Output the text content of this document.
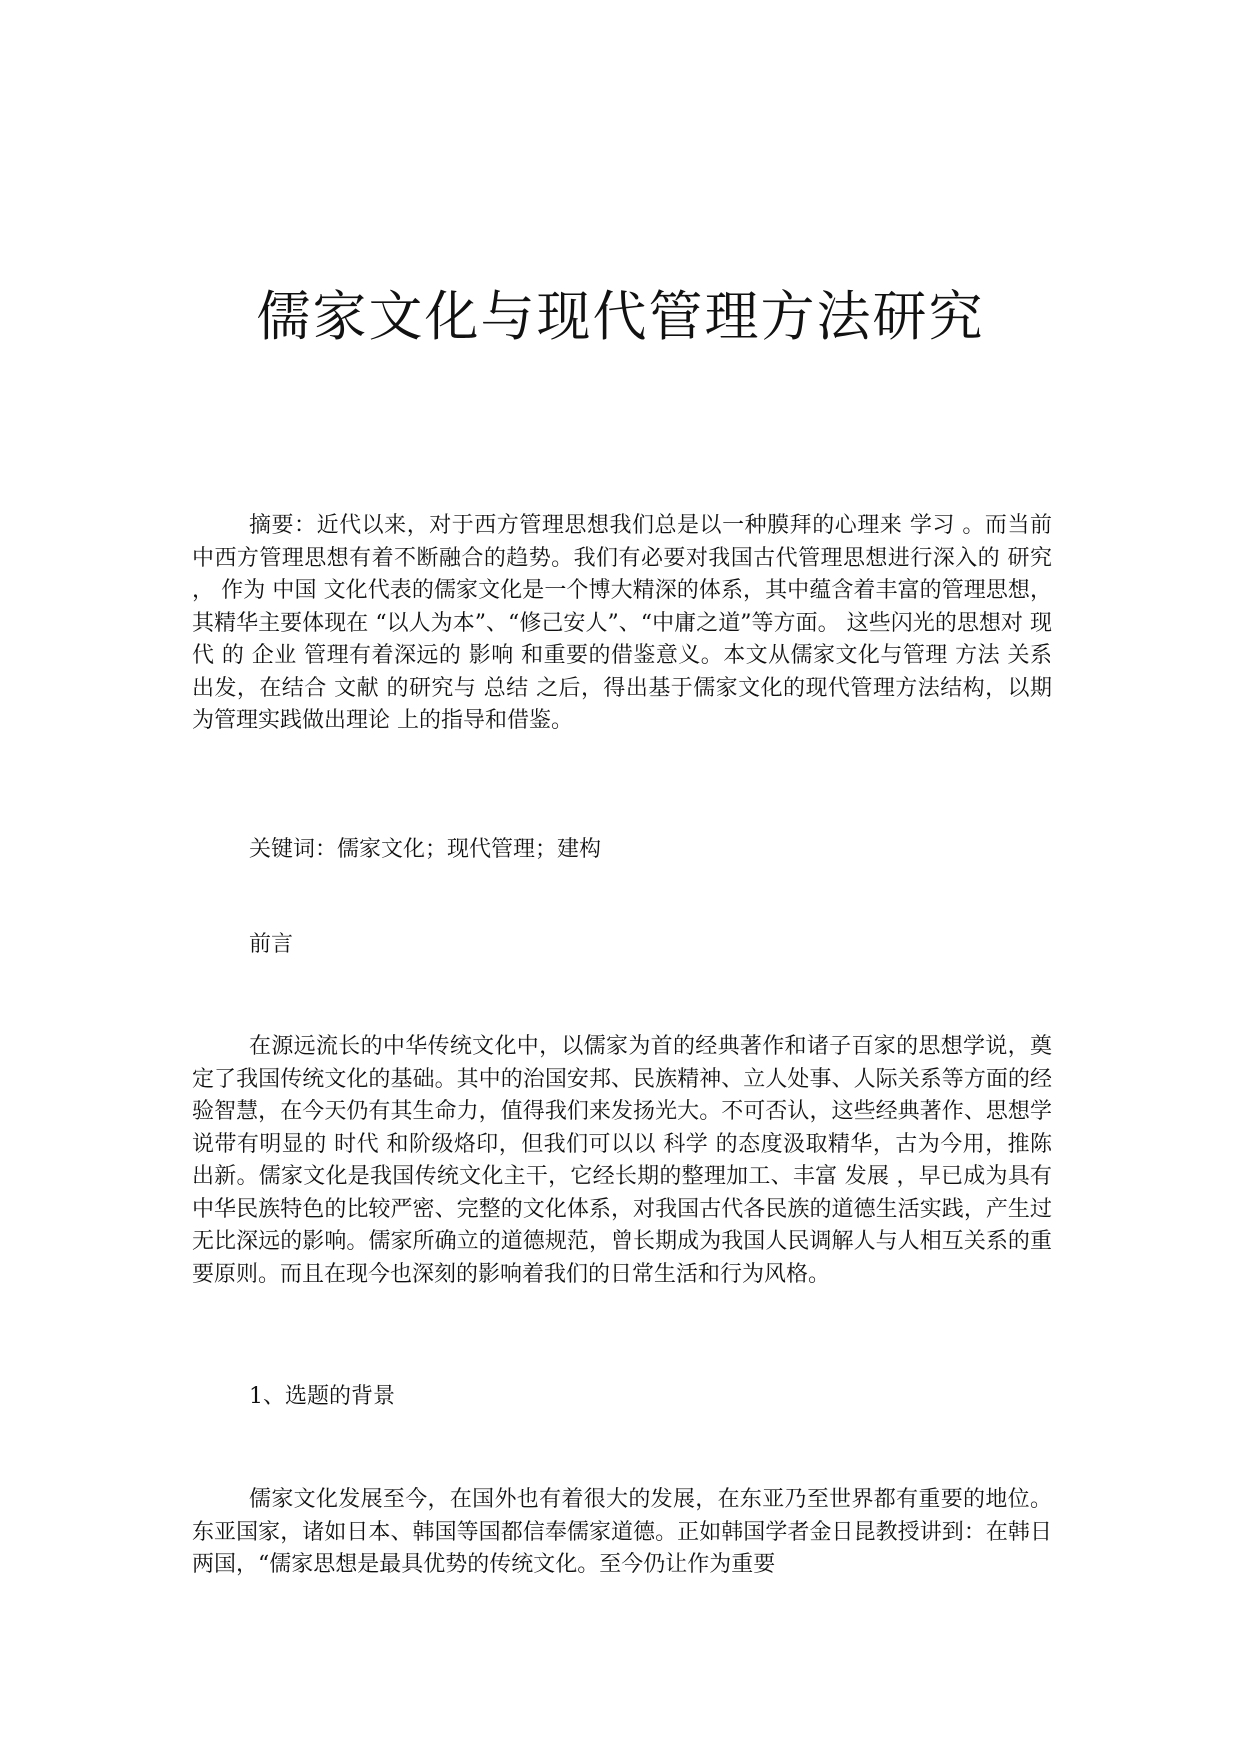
儒家文化与现代管理方法研究

摘要：近代以来，对于西方管理思想我们总是以一种膜拜的心理来 学习 。而当前中西方管理思想有着不断融合的趋势。我们有必要对我国古代管理思想进行深入的 研究 ， 作为 中国 文化代表的儒家文化是一个博大精深的体系，其中蕴含着丰富的管理思想，其精华主要体现在 “以人为本”、“修己安人”、“中庸之道”等方面。 这些闪光的思想对 现代 的 企业 管理有着深远的 影响 和重要的借鉴意义。本文从儒家文化与管理 方法 关系出发，在结合 文献 的研究与 总结 之后，得出基于儒家文化的现代管理方法结构，以期为管理实践做出理论 上的指导和借鉴。

关键词：儒家文化；现代管理；建构

前言

在源远流长的中华传统文化中，以儒家为首的经典著作和诸子百家的思想学说，奠定了我国传统文化的基础。其中的治国安邦、民族精神、立人处事、人际关系等方面的经验智慧，在今天仍有其生命力，值得我们来发扬光大。不可否认，这些经典著作、思想学说带有明显的 时代 和阶级烙印，但我们可以以 科学 的态度汲取精华，古为今用，推陈出新。儒家文化是我国传统文化主干，它经长期的整理加工、丰富 发展 ，早已成为具有中华民族特色的比较严密、完整的文化体系，对我国古代各民族的道德生活实践，产生过无比深远的影响。儒家所确立的道德规范，曾长期成为我国人民调解人与人相互关系的重要原则。而且在现今也深刻的影响着我们的日常生活和行为风格。

1、选题的背景

儒家文化发展至今，在国外也有着很大的发展，在东亚乃至世界都有重要的地位。东亚国家，诸如日本、韩国等国都信奉儒家道德。正如韩国学者金日昆教授讲到：在韩日两国，“儒家思想是最具优势的传统文化。至今仍让作为重要
